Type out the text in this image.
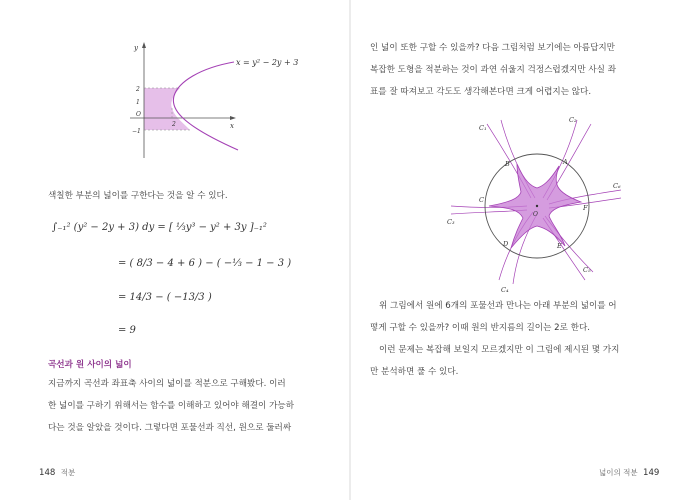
y
x
x = y² − 2y + 3
2
1
−1
O
2
색칠한 부분의 넓이를 구한다는 것을 알 수 있다.
∫₋₁² (y² − 2y + 3) dy = [ ⅓y³ − y² + 3y ]₋₁²
= ( 8/3 − 4 + 6 ) − ( −⅓ − 1 − 3 )
= 14/3 − ( −13/3 )
= 9
곡선과 원 사이의 넓이
지금까지 곡선과 좌표축 사이의 넓이를 적분으로 구해봤다. 이러
한 넓이를 구하기 위해서는 함수를 이해하고 있어야 해결이 가능하
다는 것을 알았을 것이다. 그렇다면 포물선과 직선, 원으로 둘러싸
148 적분
인 넓이 또한 구할 수 있을까? 다음 그림처럼 보기에는 아름답지만
복잡한 도형을 적분하는 것이 과연 쉬울지 걱정스럽겠지만 사실 좌
표를 잘 따져보고 각도도 생각해본다면 크게 어렵지는 않다.
B	A
C
F
D	E
O
C₁
C₂
C₆
C₃
C₄
C₅
위 그림에서 원에 6개의 포물선과 만나는 아래 부분의 넓이를 어
떻게 구할 수 있을까? 이때 원의 반지름의 길이는 2로 한다.
이런 문제는 복잡해 보일지 모르겠지만 이 그림에 제시된 몇 가지
만 분석하면 풀 수 있다.
넓이의 적분 149
